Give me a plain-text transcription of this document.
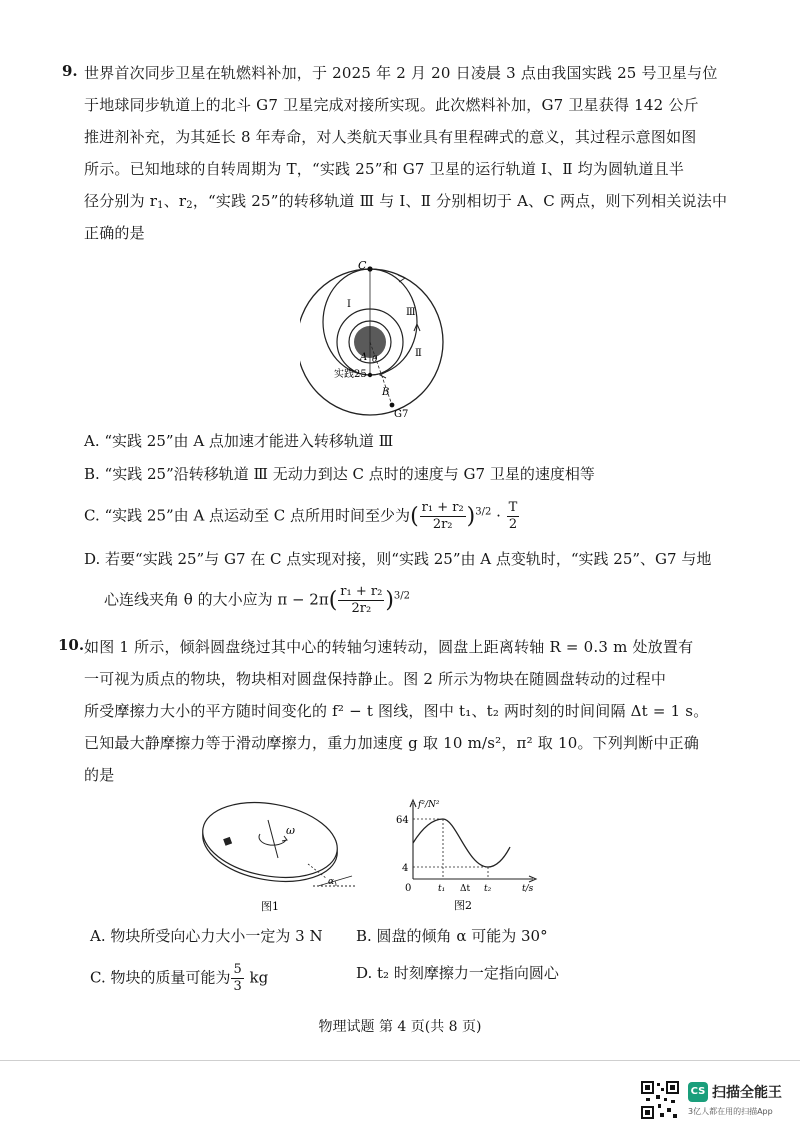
9. 世界首次同步卫星在轨燃料补加，于 2025 年 2 月 20 日凌晨 3 点由我国实践 25 号卫星与位
于地球同步轨道上的北斗 G7 卫星完成对接所实现。此次燃料补加，G7 卫星获得 142 公斤
推进剂补充，为其延长 8 年寿命，对人类航天事业具有里程碑式的意义，其过程示意图如图
所示。已知地球的自转周期为 T，“实践 25”和 G7 卫星的运行轨道 Ⅰ、Ⅱ 均为圆轨道且半
径分别为 $r_1$、$r_2$，“实践 25”的转移轨道 Ⅲ 与 Ⅰ、Ⅱ 分别相切于 A、C 两点，则下列相关说法中
正确的是
C
Ⅰ
Ⅲ
Ⅱ
A θ
实践25
B
G7
A. “实践 25”由 A 点加速才能进入转移轨道 Ⅲ
B. “实践 25”沿转移轨道 Ⅲ 无动力到达 C 点时的速度与 G7 卫星的速度相等
C. “实践 25”由 A 点运动至 C 点所用时间至少为( $\frac{\text{r₁ + r₂}}{\text{2r₂}} )^{3/2} \cdot \frac{T}{2}$
D. 若要“实践 25”与 G7 在 C 点实现对接，则“实践 25”由 A 点变轨时，“实践 25”、G7 与地
心连线夹角 θ 的大小应为 $\pi - 2\pi( \frac{\text{r₁ + r₂}}{\text{2r₂}} )^{3/2}$
10. 如图 1 所示，倾斜圆盘绕过其中心的转轴匀速转动，圆盘上距离转轴 R = 0.3 m 处放置有
一可视为质点的物块，物块相对圆盘保持静止。图 2 所示为物块在随圆盘转动的过程中
所受摩擦力大小的平方随时间变化的 f² − t 图线，图中 t₁、t₂ 两时刻的时间间隔 Δt = 1 s。
已知最大静摩擦力等于滑动摩擦力，重力加速度 g 取 10 m/s²，π² 取 10。下列判断中正确
的是
ω
α
图1
f²/N²
64
4
0	t₁ Δt t₂	t/s
图2
A. 物块所受向心力大小一定为 3 N B. 圆盘的倾角 α 可能为 30°
C. 物块的质量可能为 $\frac{5}{3}$ kg	D. t₂ 时刻摩擦力一定指向圆心
物理试题 第 4 页(共 8 页)
CS 扫描全能王
3亿人都在用的扫描App
